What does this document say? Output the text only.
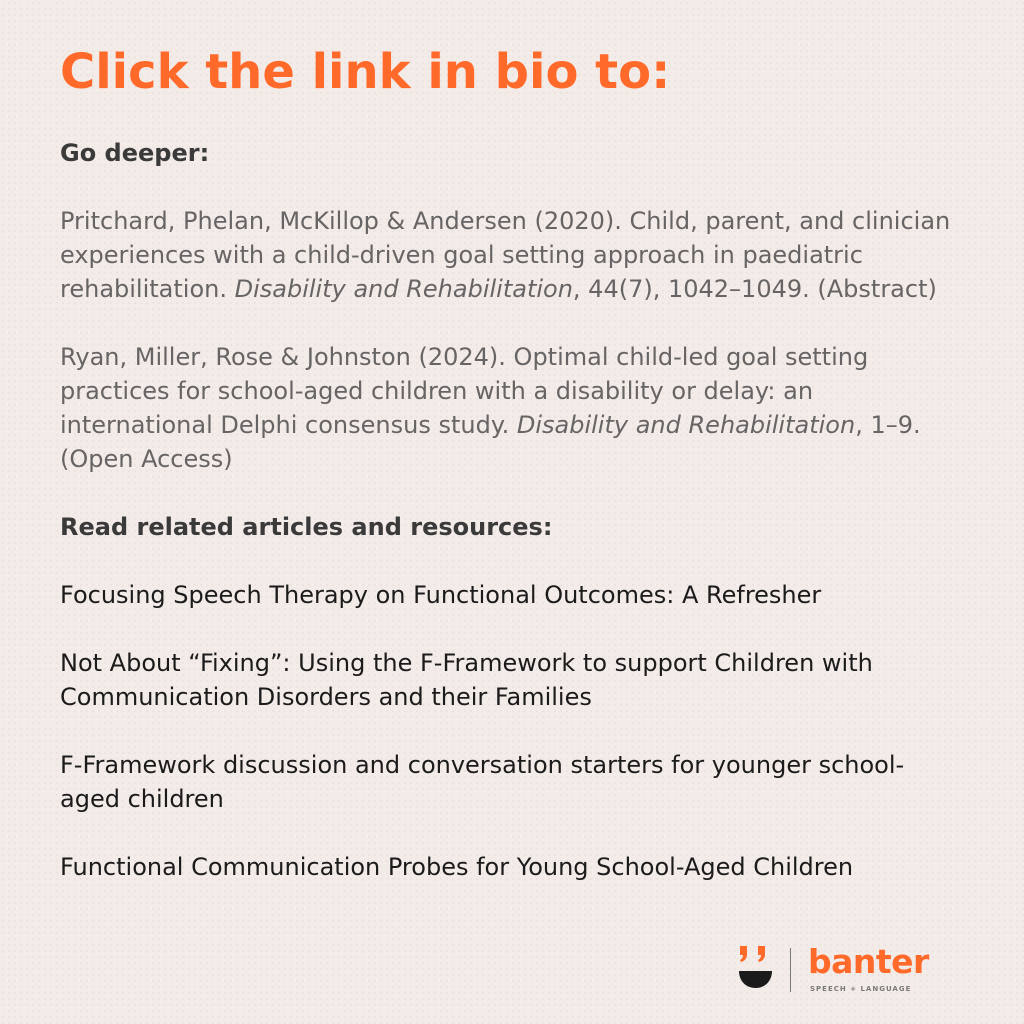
Click the link in bio to:

Go deeper:

Pritchard, Phelan, McKillop & Andersen (2020). Child, parent, and clinician experiences with a child-driven goal setting approach in paediatric rehabilitation. Disability and Rehabilitation, 44(7), 1042–1049. (Abstract)

Ryan, Miller, Rose & Johnston (2024). Optimal child-led goal setting practices for school-aged children with a disability or delay: an international Delphi consensus study. Disability and Rehabilitation, 1–9. (Open Access)

Read related articles and resources:

Focusing Speech Therapy on Functional Outcomes: A Refresher

Not About “Fixing”: Using the F-Framework to support Children with Communication Disorders and their Families

F-Framework discussion and conversation starters for younger school-aged children

Functional Communication Probes for Young School-Aged Children

banter
SPEECH + LANGUAGE
